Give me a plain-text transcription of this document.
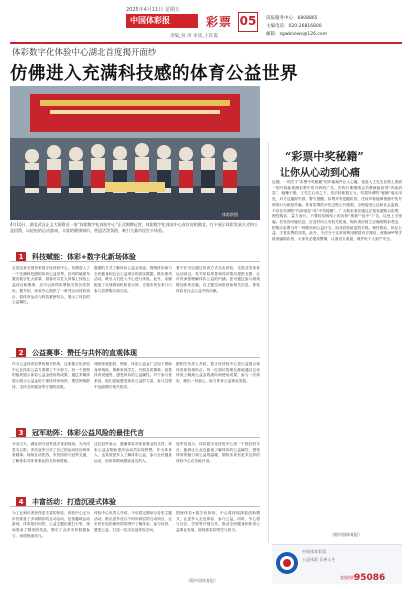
2025年4月11日 星期五
中国体彩报	彩票 05
责编_何 涛 审读_王红霞
读报服务中心：6808865
主编电话：020-26816800
邮箱：zgwbnews@126.com
体彩数字化体验中心湖北首度揭开面纱
仿佛进入充满科技感的体育公益世界
体彩供图
4月10日，湖北武汉正义大街附近一家“体彩数字化体验中心”正式揭牌运营，体彩数字化体验中心首次亮相湖北，打卡展示体彩发展方式和公益回馈，以轻松的运动游戏、丰富的健康知识，营造活泼氛围，吸引大量市民打卡体验。
1	科技赋能：体彩+数字化新场体验
走进这家全国首家数字化体验中心，仿佛进入了一个充满科技感的体育公益世界，店内的墙面布置出数字化大屏幕，游客可以在大屏幕上体验公益项目和赛事，还可以获得彩票相关的各类资讯。据介绍，体验中心提供了一系列互动体验项目，将体育运动与科技紧密结合，展示了体彩的公益属性。
数据的方式了解体彩公益金用途。围绕体彩助力全民健身和社会公益项目的真实数据，推出系列活动，吸引人们进入中心进行体验。此外，店铺配备了足球游戏机和显示屏，方便市民在家门口参与彩票购买和互动。
看不在可以通过体育方式自由体验，走进各类体育运动项目，有关体验背景和具体情况提供支撑，让市民深度理解体彩公益的内涵。更可通过参与游戏增加体育乐趣，在主题空间里获取相关信息，体验体彩在社会公益中的贡献。
2	公益赛事：赞任与共怀的直观体现
作为公益体育彩票的相关机构，这家数字化体验中心在体彩公益方面做了不少努力，有一个独特的板块展示体彩公益金使用的成果，通过多媒体展示展示公益金用于建设体育场馆、帮扶困难群体、支持全民健身等方面的成果。
城的家庭影院、例如，体彩公益金广泛用于帮助身体残疾、困难家庭学生，开展各类赛事，改善体育设施等，感受体彩的公益属性。对于参与者来说，他们更能感受体彩公益的力量，参与过程中也能增长相关知识。
据相关负责人介绍，数字化体验中心将公益展示和体育体验相结合，每一位到访的朋友都能通过互动体验了解到公益金的流向和使用成果，参与一次体彩，献出一份爱心，助力体育公益事业发展。
3	冠军助阵：体彩公益风险的最佳代言
开业当天，湖北部分冠军选手来到现场，为市民签名合影。多位冠军分享了自己的运动经历和体育精神。现场互动热烈，市民纷纷与冠军交流，了解体彩对体育事业的支持和帮助。
这位冠军表示，感谢体彩对体育事业的支持，体彩公益金帮助很多运动员实现梦想。作为体育人，也希望更多人了解体彩公益，参与全民健身运动，用体育精神感染身边的人。
冠军们表示，体彩数字化体验中心是一个很好的平台，能够让公众近距离了解体彩的公益属性，感受体育的魅力和公益的温暖，期待未来有更多这样的体验中心在各地开设。
4	丰富活动：打造沉浸式体验
为了让到访者获得更丰富的体验，体验中心还为市民准备了多项精彩的互动活动，包括趣味运动游戏、体彩知识问答、公益主题拍照打卡等，现场准备了精美的奖品，吸引了众多市民积极参与，场面热闹非凡。
体验中心负责人介绍，今后将定期举办各类主题活动，推出更多适合不同年龄层的互动项目，让市民在轻松愉快的氛围中了解体彩、参与体育、感受公益，打造一站式沉浸体验空间。
围绕体彩+数字化体验，中心将持续探索创新模式，让更多人走近体彩，参与公益。同时，中心将与社区、学校等开展合作，推动全民健身和体育公益事业发展，展现体彩的责任与担当。
（据中国体育报）
“彩票中奖秘籍”
让你从心动到心痛
近期，一则关于“彩票中奖秘籍”的诈骗案件让人心痛。受害人王先生在网上看到一则号称能预测彩票中奖号码的广告，声称只要缴纳会员费就能获得“内部消息”，稳赚不赔。王先生心动之下，先后转账数万元，结果所谓的“秘籍”毫无用处，对方也随即失联。警方提醒，彩票开奖是随机的，任何声称能够预测中奖号码的行为都是诈骗。体育彩票的开奖过程公开透明，全程接受公证和社会监督，不存在所谓的“内部消息”或“中奖秘籍”。广大购彩者应通过正规渠道购买彩票，理性购彩，量力而行，不要轻信网络上的各种“预测”“包中”广告，以免上当受骗。若发现可疑信息，应及时向公安机关报案。购彩者应树立正确的购彩观念，把购买彩票当作一种娱乐和公益行为，而非投资致富的手段。理性购彩，快乐公益，才是彩票的初衷。此外，不法分子还常常利用假冒官方网站、虚假APP等手段诱骗购彩者，大家务必提高警惕，认准官方渠道，保护好个人财产安全。
（据中国体育报）
中国体育彩票
公益体彩 乐善人生
客服热线
95086
